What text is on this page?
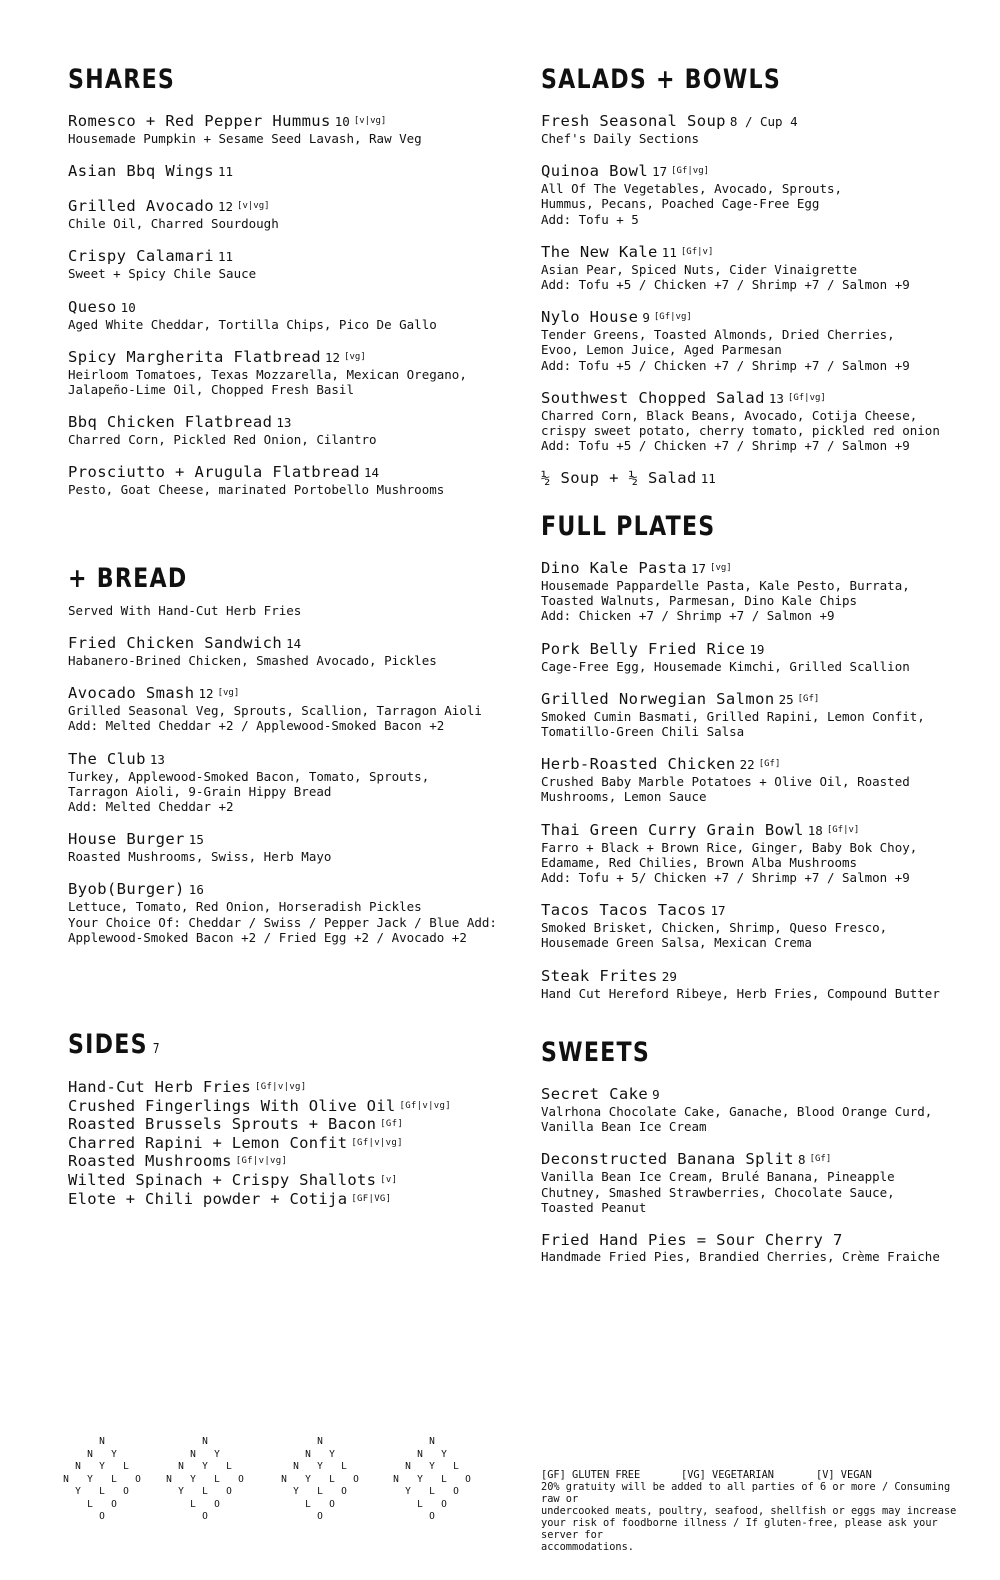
SHARES
Romesco + Red Pepper Hummus 10 [v|vg]
Housemade Pumpkin + Sesame Seed Lavash, Raw Veg
Asian Bbq Wings 11
Grilled Avocado 12 [v|vg]
Chile Oil, Charred Sourdough
Crispy Calamari 11
Sweet + Spicy Chile Sauce
Queso 10
Aged White Cheddar, Tortilla Chips, Pico De Gallo
Spicy Margherita Flatbread 12 [vg]
Heirloom Tomatoes, Texas Mozzarella, Mexican Oregano,
Jalapeño-Lime Oil, Chopped Fresh Basil
Bbq Chicken Flatbread 13
Charred Corn, Pickled Red Onion, Cilantro
Prosciutto + Arugula Flatbread 14
Pesto, Goat Cheese, marinated Portobello Mushrooms
+ BREAD
Served With Hand-Cut Herb Fries
Fried Chicken Sandwich 14
Habanero-Brined Chicken, Smashed Avocado, Pickles
Avocado Smash 12 [vg]
Grilled Seasonal Veg, Sprouts, Scallion, Tarragon Aioli
Add: Melted Cheddar +2 / Applewood-Smoked Bacon +2
The Club 13
Turkey, Applewood-Smoked Bacon, Tomato, Sprouts,
Tarragon Aioli, 9-Grain Hippy Bread
Add: Melted Cheddar +2
House Burger 15
Roasted Mushrooms, Swiss, Herb Mayo
Byob(Burger) 16
Lettuce, Tomato, Red Onion, Horseradish Pickles
Your Choice Of: Cheddar / Swiss / Pepper Jack / Blue Add:
Applewood-Smoked Bacon +2 / Fried Egg +2 / Avocado +2
SIDES 7
Hand-Cut Herb Fries [Gf|v|vg]
Crushed Fingerlings With Olive Oil [Gf|v|vg]
Roasted Brussels Sprouts + Bacon [Gf]
Charred Rapini + Lemon Confit [Gf|v|vg]
Roasted Mushrooms [Gf|v|vg]
Wilted Spinach + Crispy Shallots [v]
Elote + Chili powder + Cotija [GF|VG]
SALADS + BOWLS
Fresh Seasonal Soup 8 / Cup 4
Chef's Daily Sections
Quinoa Bowl 17 [Gf|vg]
All Of The Vegetables, Avocado, Sprouts,
Hummus, Pecans, Poached Cage-Free Egg
Add: Tofu + 5
The New Kale 11 [Gf|v]
Asian Pear, Spiced Nuts, Cider Vinaigrette
Add: Tofu +5 / Chicken +7 / Shrimp +7 / Salmon +9
Nylo House 9 [Gf|vg]
Tender Greens, Toasted Almonds, Dried Cherries,
Evoo, Lemon Juice, Aged Parmesan
Add: Tofu +5 / Chicken +7 / Shrimp +7 / Salmon +9
Southwest Chopped Salad 13 [Gf|vg]
Charred Corn, Black Beans, Avocado, Cotija Cheese,
crispy sweet potato, cherry tomato, pickled red onion
Add: Tofu +5 / Chicken +7 / Shrimp +7 / Salmon +9
½ Soup + ½ Salad 11
FULL PLATES
Dino Kale Pasta 17 [vg]
Housemade Pappardelle Pasta, Kale Pesto, Burrata,
Toasted Walnuts, Parmesan, Dino Kale Chips
Add: Chicken +7 / Shrimp +7 / Salmon +9
Pork Belly Fried Rice 19
Cage-Free Egg, Housemade Kimchi, Grilled Scallion
Grilled Norwegian Salmon 25 [Gf]
Smoked Cumin Basmati, Grilled Rapini, Lemon Confit,
Tomatillo-Green Chili Salsa
Herb-Roasted Chicken 22 [Gf]
Crushed Baby Marble Potatoes + Olive Oil, Roasted
Mushrooms, Lemon Sauce
Thai Green Curry Grain Bowl 18 [Gf|v]
Farro + Black + Brown Rice, Ginger, Baby Bok Choy,
Edamame, Red Chilies, Brown Alba Mushrooms
Add: Tofu + 5/ Chicken +7 / Shrimp +7 / Salmon +9
Tacos Tacos Tacos 17
Smoked Brisket, Chicken, Shrimp, Queso Fresco,
Housemade Green Salsa, Mexican Crema
Steak Frites 29
Hand Cut Hereford Ribeye, Herb Fries, Compound Butter
SWEETS
Secret Cake 9
Valrhona Chocolate Cake, Ganache, Blood Orange Curd,
Vanilla Bean Ice Cream
Deconstructed Banana Split 8 [Gf]
Vanilla Bean Ice Cream, Brulé Banana, Pineapple
Chutney, Smashed Strawberries, Chocolate Sauce,
Toasted Peanut
Fried Hand Pies = Sour Cherry 7
Handmade Fried Pies, Brandied Cherries, Crème Fraiche
N
N	Y
N	Y	L
N	Y	L	O
Y	L	O
L	O
O
N
N	Y
N	Y	L
N	Y	L	O
Y	L	O
L	O
O
N
N	Y
N	Y	L
N	Y	L	O
Y	L	O
L	O
O
N
N	Y
N	Y	L
N	Y	L	O
Y	L	O
L	O
O
[GF] GLUTEN FREE	[VG] VEGETARIAN	[V] VEGAN
20% gratuity will be added to all parties of 6 or more / Consuming raw or
undercooked meats, poultry, seafood, shellfish or eggs may increase
your risk of foodborne illness / If gluten-free, please ask your server for
accommodations.
